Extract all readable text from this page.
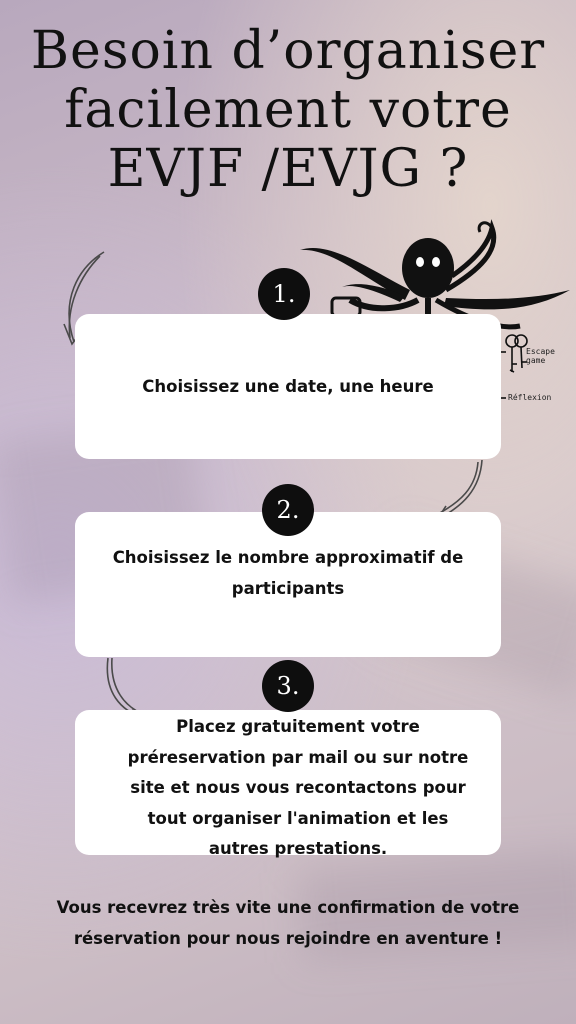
Besoin d’organiser
facilement votre
EVJF /EVJG ?
Escape game
Réflexion
Choisissez une date, une heure
1.
Choisissez le nombre approximatif de participants
2.
Placez gratuitement votre préreservation par mail ou sur notre site et nous vous recontactons pour tout organiser l'animation et les autres prestations.
3.
Vous recevrez très vite une confirmation de votre réservation pour nous rejoindre en aventure !
